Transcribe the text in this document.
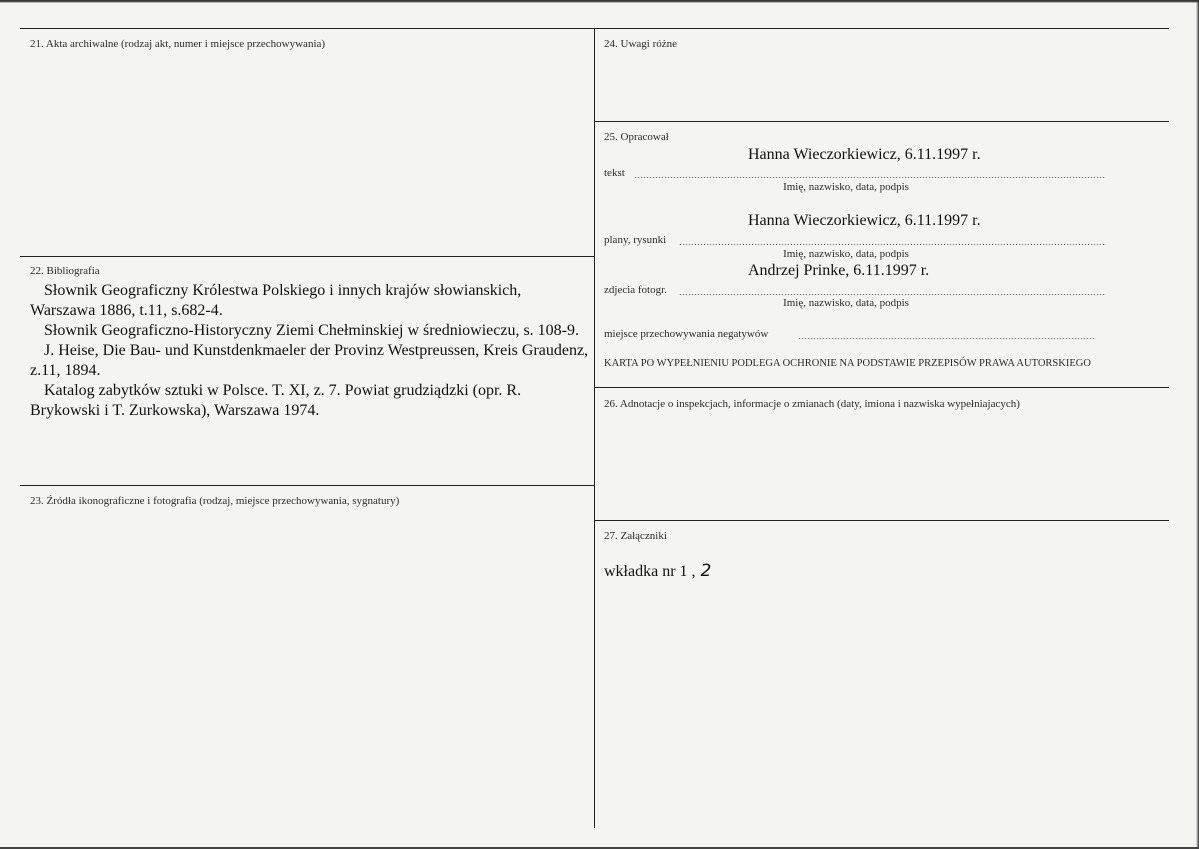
21. Akta archiwalne (rodzaj akt, numer i miejsce przechowywania)
22. Bibliografia

Słownik Geograficzny Królestwa Polskiego i innych krajów słowianskich, Warszawa 1886, t.11, s.682-4.

Słownik Geograficzno-Historyczny Ziemi Chełminskiej w średniowieczu, s. 108-9.

J. Heise, Die Bau- und Kunstdenkmaeler der Provinz Westpreussen, Kreis Graudenz, z.11, 1894.

Katalog zabytków sztuki w Polsce. T. XI, z. 7. Powiat grudziądzki (opr. R. Brykowski i T. Zurkowska), Warszawa 1974.

23. Źródła ikonograficzne i fotografia (rodzaj, miejsce przechowywania, sygnatury)
24. Uwagi różne
25. Opracował
Hanna Wieczorkiewicz, 6.11.1997 r.
tekst
Imię, nazwisko, data, podpis
Hanna Wieczorkiewicz, 6.11.1997 r.
plany, rysunki
Imię, nazwisko, data, podpis
Andrzej Prinke, 6.11.1997 r.
zdjecia fotogr.
Imię, nazwisko, data, podpis
miejsce przechowywania negatywów
KARTA PO WYPEŁNIENIU PODLEGA OCHRONIE NA PODSTAWIE PRZEPISÓW PRAWA AUTORSKIEGO
26. Adnotacje o inspekcjach, informacje o zmianach (daty, imiona i nazwiska wypełniajacych)
27. Załączniki
wkładka nr 1 , 2
